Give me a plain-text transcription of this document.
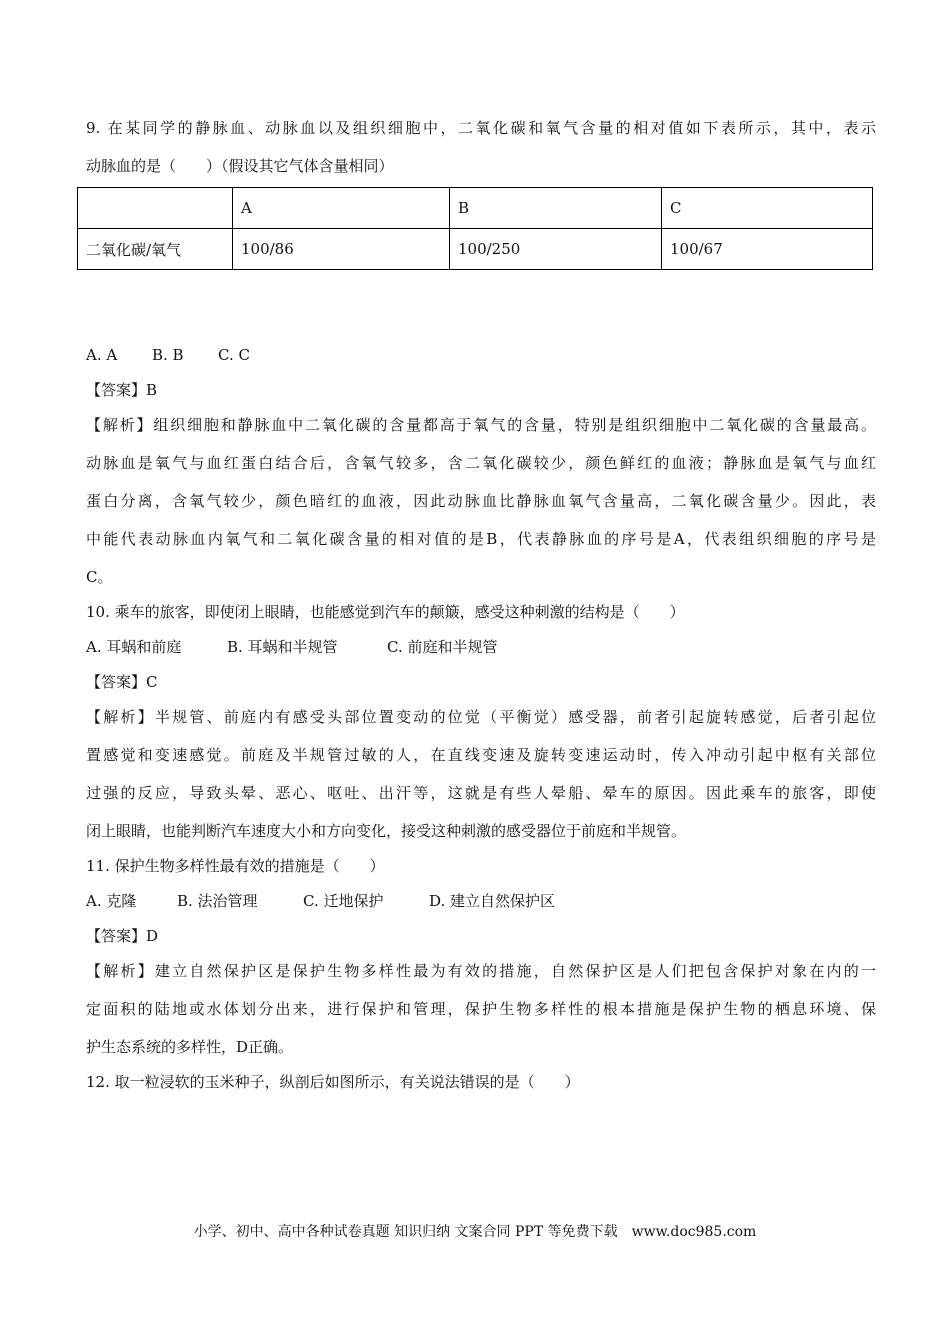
9. 在某同学的静脉血、动脉血以及组织细胞中，二氧化碳和氧气含量的相对值如下表所示，其中，表示
动脉血的是（　　）（假设其它气体含量相同）
	A	B	C
二氧化碳/氧气	100/86	100/250	100/67
A. A B. B C. C
【答案】B
【解析】组织细胞和静脉血中二氧化碳的含量都高于氧气的含量，特别是组织细胞中二氧化碳的含量最高。
动脉血是氧气与血红蛋白结合后，含氧气较多，含二氧化碳较少，颜色鲜红的血液；静脉血是氧气与血红
蛋白分离，含氧气较少，颜色暗红的血液，因此动脉血比静脉血氧气含量高，二氧化碳含量少。因此，表
中能代表动脉血内氧气和二氧化碳含量的相对值的是B，代表静脉血的序号是A，代表组织细胞的序号是
C。
10. 乘车的旅客，即使闭上眼睛，也能感觉到汽车的颠簸，感受这种刺激的结构是（　　）
A. 耳蜗和前庭	B. 耳蜗和半规管	C. 前庭和半规管
【答案】C
【解析】半规管、前庭内有感受头部位置变动的位觉（平衡觉）感受器，前者引起旋转感觉，后者引起位
置感觉和变速感觉。前庭及半规管过敏的人，在直线变速及旋转变速运动时，传入冲动引起中枢有关部位
过强的反应，导致头晕、恶心、呕吐、出汗等，这就是有些人晕船、晕车的原因。因此乘车的旅客，即使
闭上眼睛，也能判断汽车速度大小和方向变化，接受这种刺激的感受器位于前庭和半规管。
11. 保护生物多样性最有效的措施是（　　）
A. 克隆	B. 法治管理	C. 迁地保护	D. 建立自然保护区
【答案】D
【解析】建立自然保护区是保护生物多样性最为有效的措施，自然保护区是人们把包含保护对象在内的一
定面积的陆地或水体划分出来，进行保护和管理，保护生物多样性的根本措施是保护生物的栖息环境、保
护生态系统的多样性，D正确。
12. 取一粒浸软的玉米种子，纵剖后如图所示，有关说法错误的是（　　）
小学、初中、高中各种试卷真题 知识归纳 文案合同 PPT 等免费下载　www.doc985.com
